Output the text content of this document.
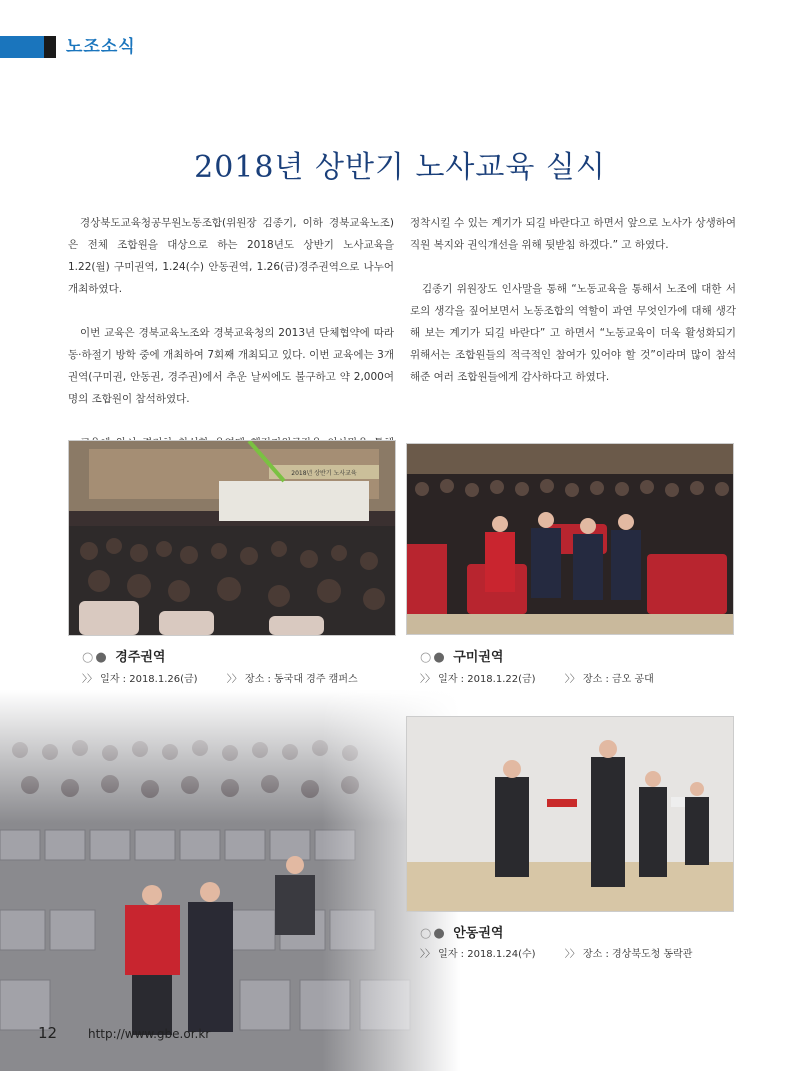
노조소식
2018년 상반기 노사교육 실시

경상북도교육청공무원노동조합(위원장 김종기, 이하 경북교육노조)은 전체 조합원을 대상으로 하는 2018년도 상반기 노사교육을 1.22(월) 구미권역, 1.24(수) 안동권역, 1.26(금)경주권역으로 나누어 개최하였다.

이번 교육은 경북교육노조와 경북교육청의 2013년 단체협약에 따라 동·하절기 방학 중에 개최하여 7회째 개최되고 있다. 이번 교육에는 3개권역(구미권, 안동권, 경주권)에서 추운 날씨에도 불구하고 약 2,000여명의 조합원이 참석하였다.

정착시킬 수 있는 계기가 되길 바란다고 하면서 앞으로 노사가 상생하여 직원 복지와 권익개선을 위해 뒷받침 하겠다.” 고 하였다.

김종기 위원장도 인사말을 통해 “노동교육을 통해서 노조에 대한 서로의 생각을 짚어보면서 노동조합의 역할이 과연 무엇인가에 대해 생각해 보는 계기가 되길 바란다” 고 하면서 “노동교육이 더욱 활성화되기 위해서는 조합원들의 적극적인 참여가 있어야 할 것”이라며 많이 참석해준 여러 조합원들에게 감사하다고 하였다.

2018년 상반기 노사교육
○● 경주권역
〉〉 일자 : 2018.1.26(금)	〉〉 장소 : 동국대 경주 캠퍼스
○● 구미권역
〉〉 일자 : 2018.1.22(금)	〉〉 장소 : 금오 공대
○● 안동권역
〉〉 일자 : 2018.1.24(수)	〉〉 장소 : 경상북도청 동락관
12	http://www.gbe.or.kr
